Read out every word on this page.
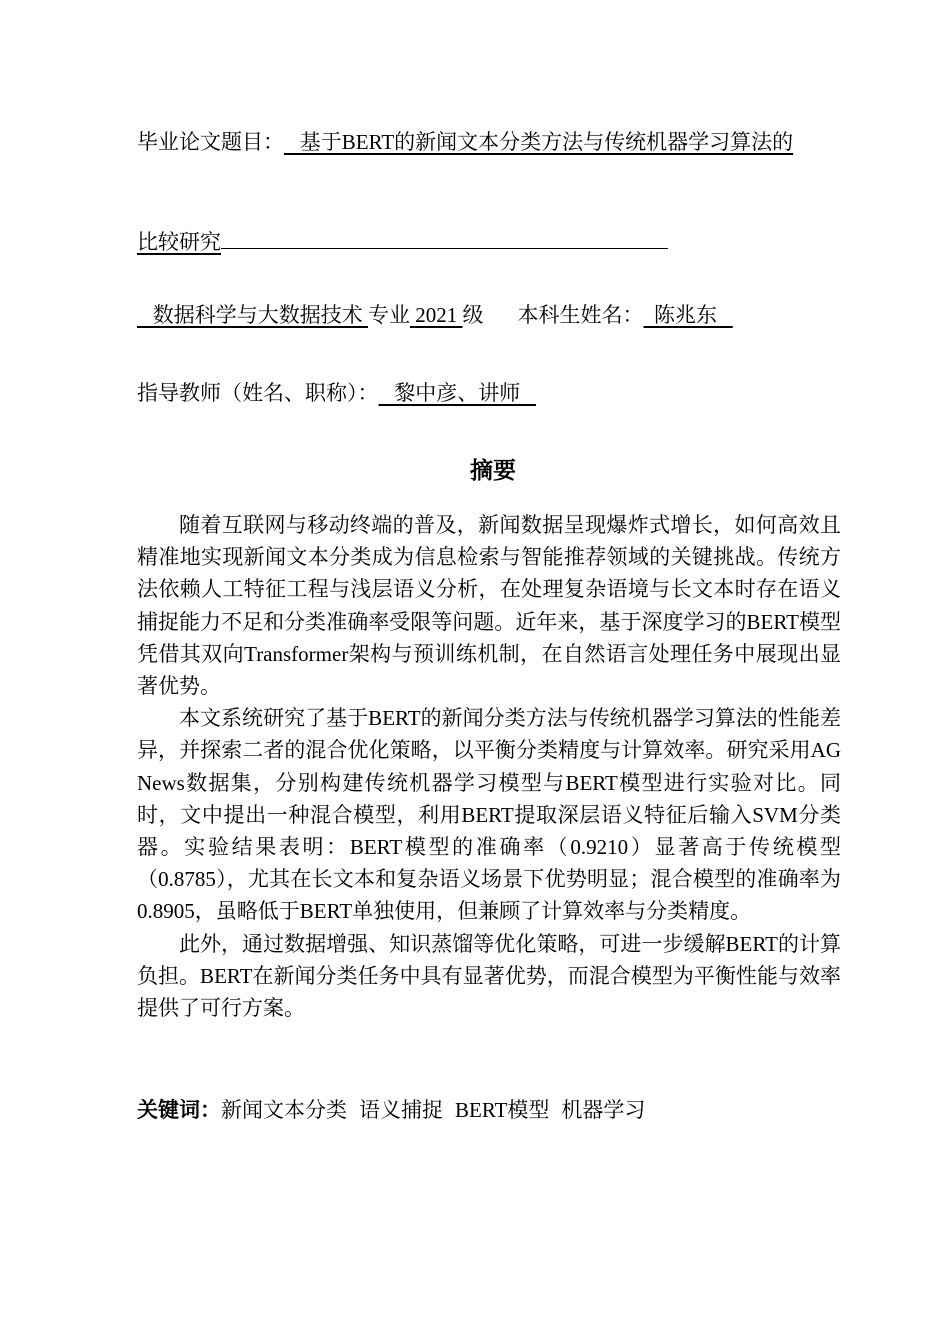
毕业论文题目：   基于BERT的新闻文本分类方法与传统机器学习算法的
比较研究
数据科学与大数据技术 专业 2021 级 本科生姓名：  陈兆东
指导教师（姓名、职称）：   黎中彦、讲师
摘要

随着互联网与移动终端的普及，新闻数据呈现爆炸式增长，如何高效且精准地实现新闻文本分类成为信息检索与智能推荐领域的关键挑战。传统方法依赖人工特征工程与浅层语义分析，在处理复杂语境与长文本时存在语义捕捉能力不足和分类准确率受限等问题。近年来，基于深度学习的BERT模型凭借其双向Transformer架构与预训练机制，在自然语言处理任务中展现出显著优势。

本文系统研究了基于BERT的新闻分类方法与传统机器学习算法的性能差异，并探索二者的混合优化策略，以平衡分类精度与计算效率。研究采用AG News数据集，分别构建传统机器学习模型与BERT模型进行实验对比。同时，文中提出一种混合模型，利用BERT提取深层语义特征后输入SVM分类器。实验结果表明：BERT模型的准确率（0.9210）显著高于传统模型（0.8785），尤其在长文本和复杂语义场景下优势明显；混合模型的准确率为0.8905，虽略低于BERT单独使用，但兼顾了计算效率与分类精度。

此外，通过数据增强、知识蒸馏等优化策略，可进一步缓解BERT的计算负担。BERT在新闻分类任务中具有显著优势，而混合模型为平衡性能与效率提供了可行方案。

关键词：新闻文本分类 语义捕捉 BERT模型 机器学习
